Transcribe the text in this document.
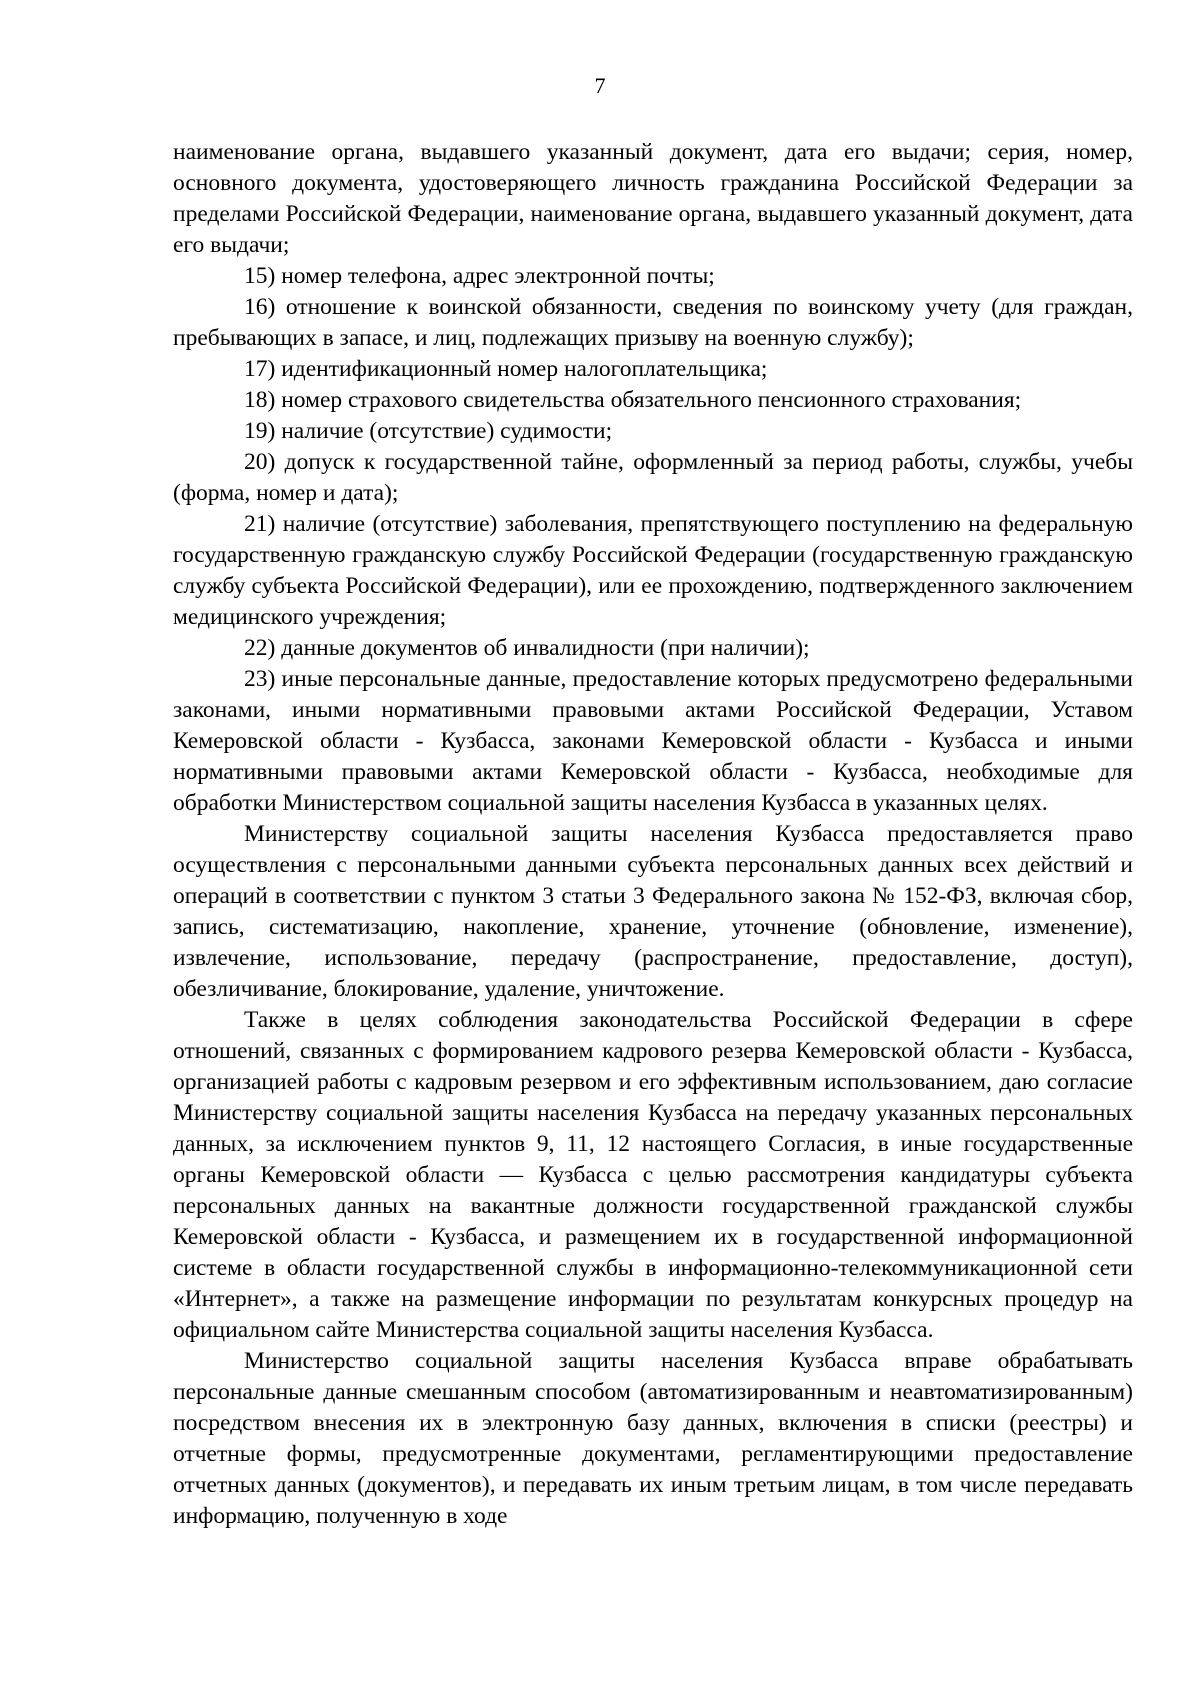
7

наименование органа, выдавшего указанный документ, дата его выдачи; серия, номер, основного документа, удостоверяющего личность гражданина Российской Федерации за пределами Российской Федерации, наименование органа, выдавшего указанный документ, дата его выдачи;

15) номер телефона, адрес электронной почты;

16) отношение к воинской обязанности, сведения по воинскому учету (для граждан, пребывающих в запасе, и лиц, подлежащих призыву на военную службу);

17) идентификационный номер налогоплательщика;

18) номер страхового свидетельства обязательного пенсионного страхования;

19) наличие (отсутствие) судимости;

20) допуск к государственной тайне, оформленный за период работы, службы, учебы (форма, номер и дата);

21) наличие (отсутствие) заболевания, препятствующего поступлению на федеральную государственную гражданскую службу Российской Федерации (государственную гражданскую службу субъекта Российской Федерации), или ее прохождению, подтвержденного заключением медицинского учреждения;

22) данные документов об инвалидности (при наличии);

23) иные персональные данные, предоставление которых предусмотрено федеральными законами, иными нормативными правовыми актами Российской Федерации, Уставом Кемеровской области - Кузбасса, законами Кемеровской области - Кузбасса и иными нормативными правовыми актами Кемеровской области - Кузбасса, необходимые для обработки Министерством социальной защиты населения Кузбасса в указанных целях.

Министерству социальной защиты населения Кузбасса предоставляется право осуществления с персональными данными субъекта персональных данных всех действий и операций в соответствии с пунктом 3 статьи 3 Федерального закона № 152-ФЗ, включая сбор, запись, систематизацию, накопление, хранение, уточнение (обновление, изменение), извлечение, использование, передачу (распространение, предоставление, доступ), обезличивание, блокирование, удаление, уничтожение.

Также в целях соблюдения законодательства Российской Федерации в сфере отношений, связанных с формированием кадрового резерва Кемеровской области - Кузбасса, организацией работы с кадровым резервом и его эффективным использованием, даю согласие Министерству социальной защиты населения Кузбасса на передачу указанных персональных данных, за исключением пунктов 9, 11, 12 настоящего Согласия, в иные государственные органы Кемеровской области — Кузбасса с целью рассмотрения кандидатуры субъекта персональных данных на вакантные должности государственной гражданской службы Кемеровской области - Кузбасса, и размещением их в государственной информационной системе в области государственной службы в информационно-телекоммуникационной сети «Интернет», а также на размещение информации по результатам конкурсных процедур на официальном сайте Министерства социальной защиты населения Кузбасса.

Министерство социальной защиты населения Кузбасса вправе обрабатывать персональные данные смешанным способом (автоматизированным и неавтоматизированным) посредством внесения их в электронную базу данных, включения в списки (реестры) и отчетные формы, предусмотренные документами, регламентирующими предоставление отчетных данных (документов), и передавать их иным третьим лицам, в том числе передавать информацию, полученную в ходе
